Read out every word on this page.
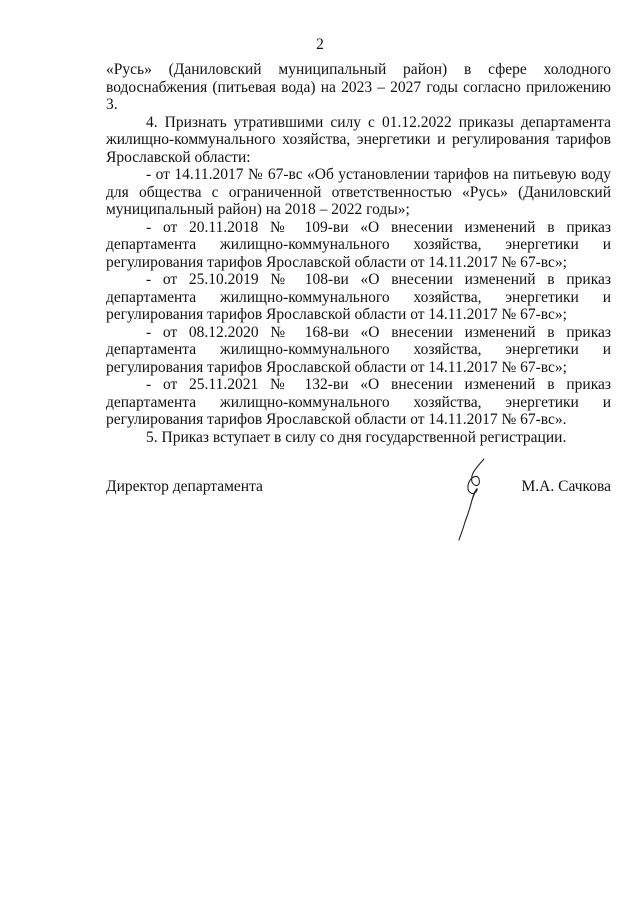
2

«Русь» (Даниловский муниципальный район) в сфере холодного водоснабжения (питьевая вода) на 2023 – 2027 годы согласно приложению 3.

4. Признать утратившими силу с 01.12.2022 приказы департамента жилищно-коммунального хозяйства, энергетики и регулирования тарифов Ярославской области:

- от 14.11.2017 № 67-вс «Об установлении тарифов на питьевую воду для общества с ограниченной ответственностью «Русь» (Даниловский муниципальный район) на 2018 – 2022 годы»;

- от 20.11.2018 № 109-ви «О внесении изменений в приказ департамента жилищно-коммунального хозяйства, энергетики и регулирования тарифов Ярославской области от 14.11.2017 № 67-вс»;

- от 25.10.2019 № 108-ви «О внесении изменений в приказ департамента жилищно-коммунального хозяйства, энергетики и регулирования тарифов Ярославской области от 14.11.2017 № 67-вс»;

- от 08.12.2020 № 168-ви «О внесении изменений в приказ департамента жилищно-коммунального хозяйства, энергетики и регулирования тарифов Ярославской области от 14.11.2017 № 67-вс»;

- от 25.11.2021 № 132-ви «О внесении изменений в приказ департамента жилищно-коммунального хозяйства, энергетики и регулирования тарифов Ярославской области от 14.11.2017 № 67-вс».

5. Приказ вступает в силу со дня государственной регистрации.

Директор департамента	М.А. Сачкова
